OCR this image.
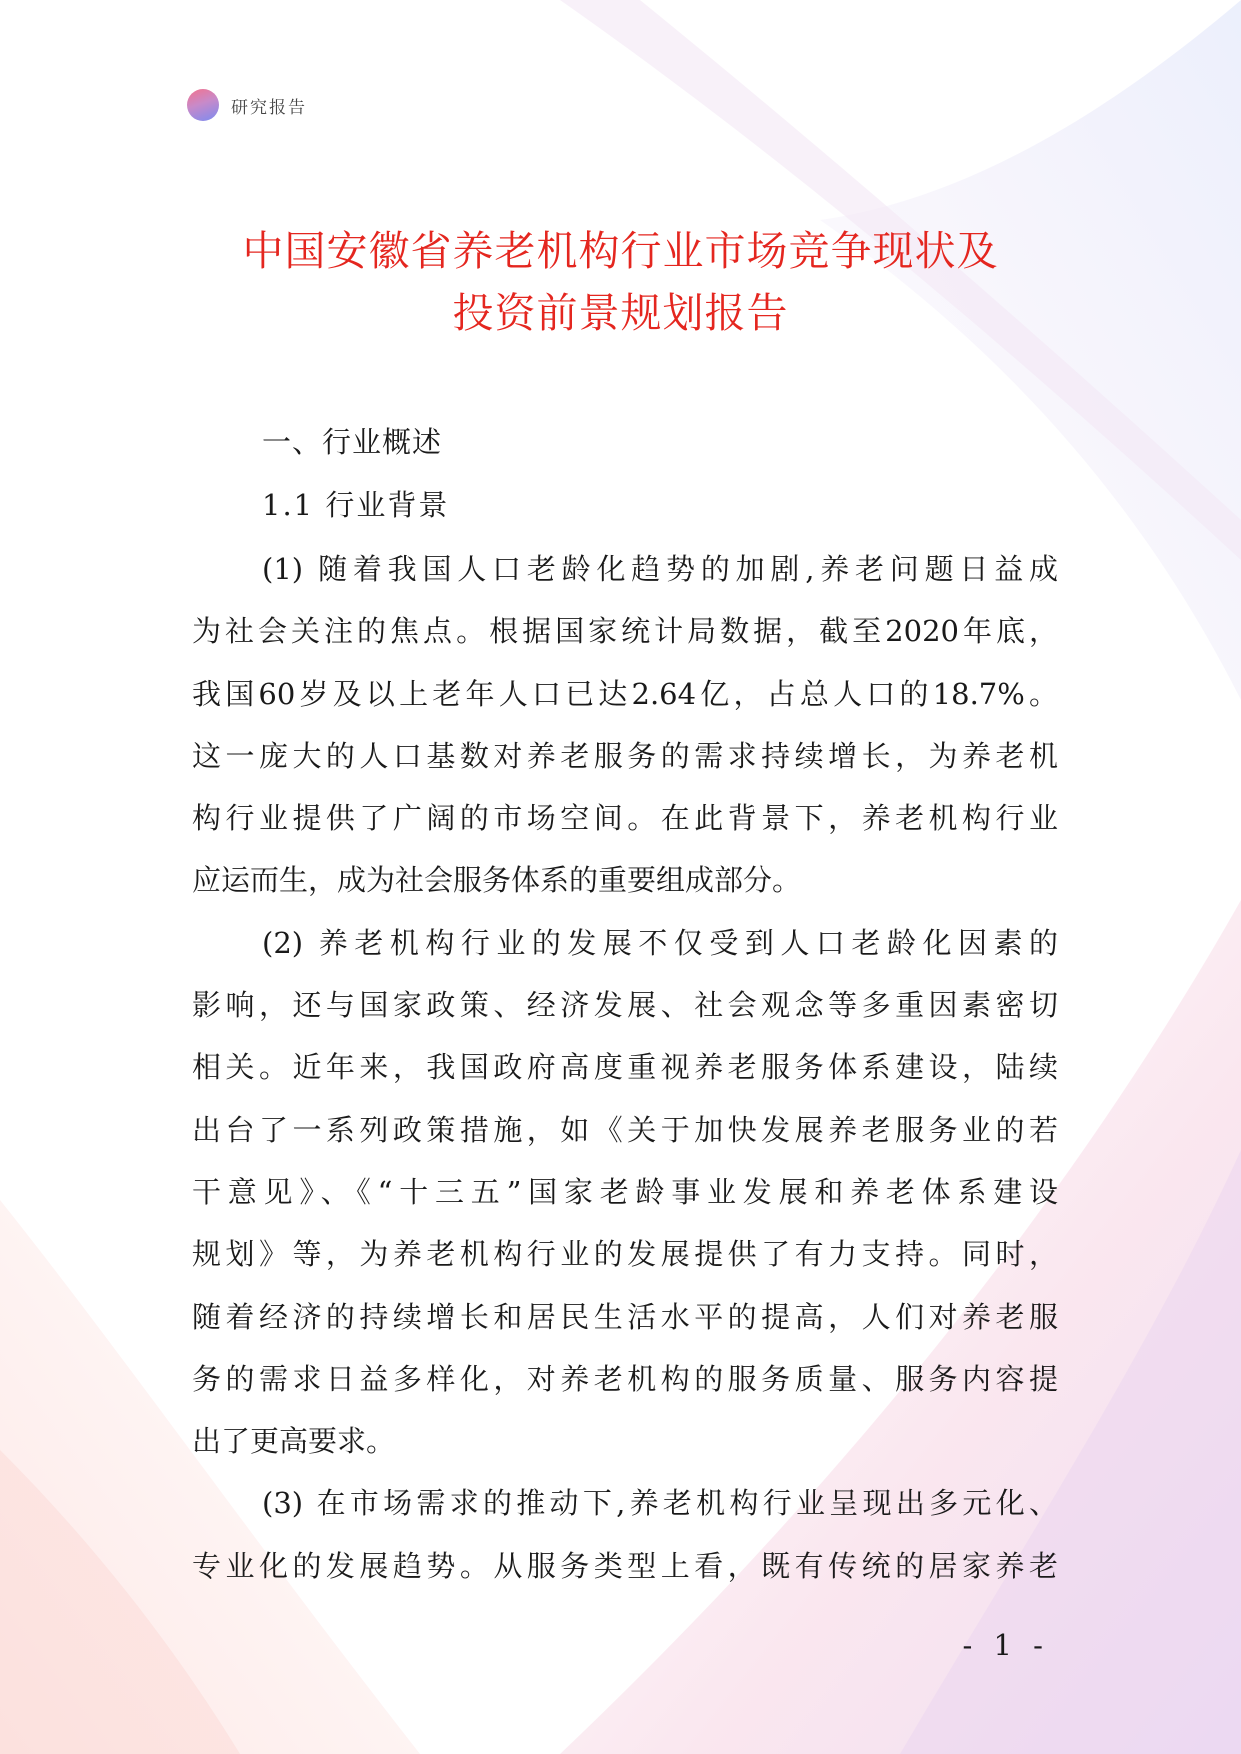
研究报告
中国安徽省养老机构行业市场竞争现状及
投资前景规划报告
一、行业概述
1.1 行业背景
(1) 随着我国人口老龄化趋势的加剧,养老问题日益成
为社会关注的焦点。根据国家统计局数据，截至2020年底，
我国60岁及以上老年人口已达2.64亿，占总人口的18.7%。
这一庞大的人口基数对养老服务的需求持续增长，为养老机
构行业提供了广阔的市场空间。在此背景下，养老机构行业
应运而生，成为社会服务体系的重要组成部分。
(2) 养老机构行业的发展不仅受到人口老龄化因素的
影响，还与国家政策、经济发展、社会观念等多重因素密切
相关。近年来，我国政府高度重视养老服务体系建设，陆续
出台了一系列政策措施，如《关于加快发展养老服务业的若
干意见》、《“十三五”国家老龄事业发展和养老体系建设
规划》等，为养老机构行业的发展提供了有力支持。同时，
随着经济的持续增长和居民生活水平的提高，人们对养老服
务的需求日益多样化，对养老机构的服务质量、服务内容提
出了更高要求。
(3) 在市场需求的推动下,养老机构行业呈现出多元化、
专业化的发展趋势。从服务类型上看，既有传统的居家养老
- 1 -
